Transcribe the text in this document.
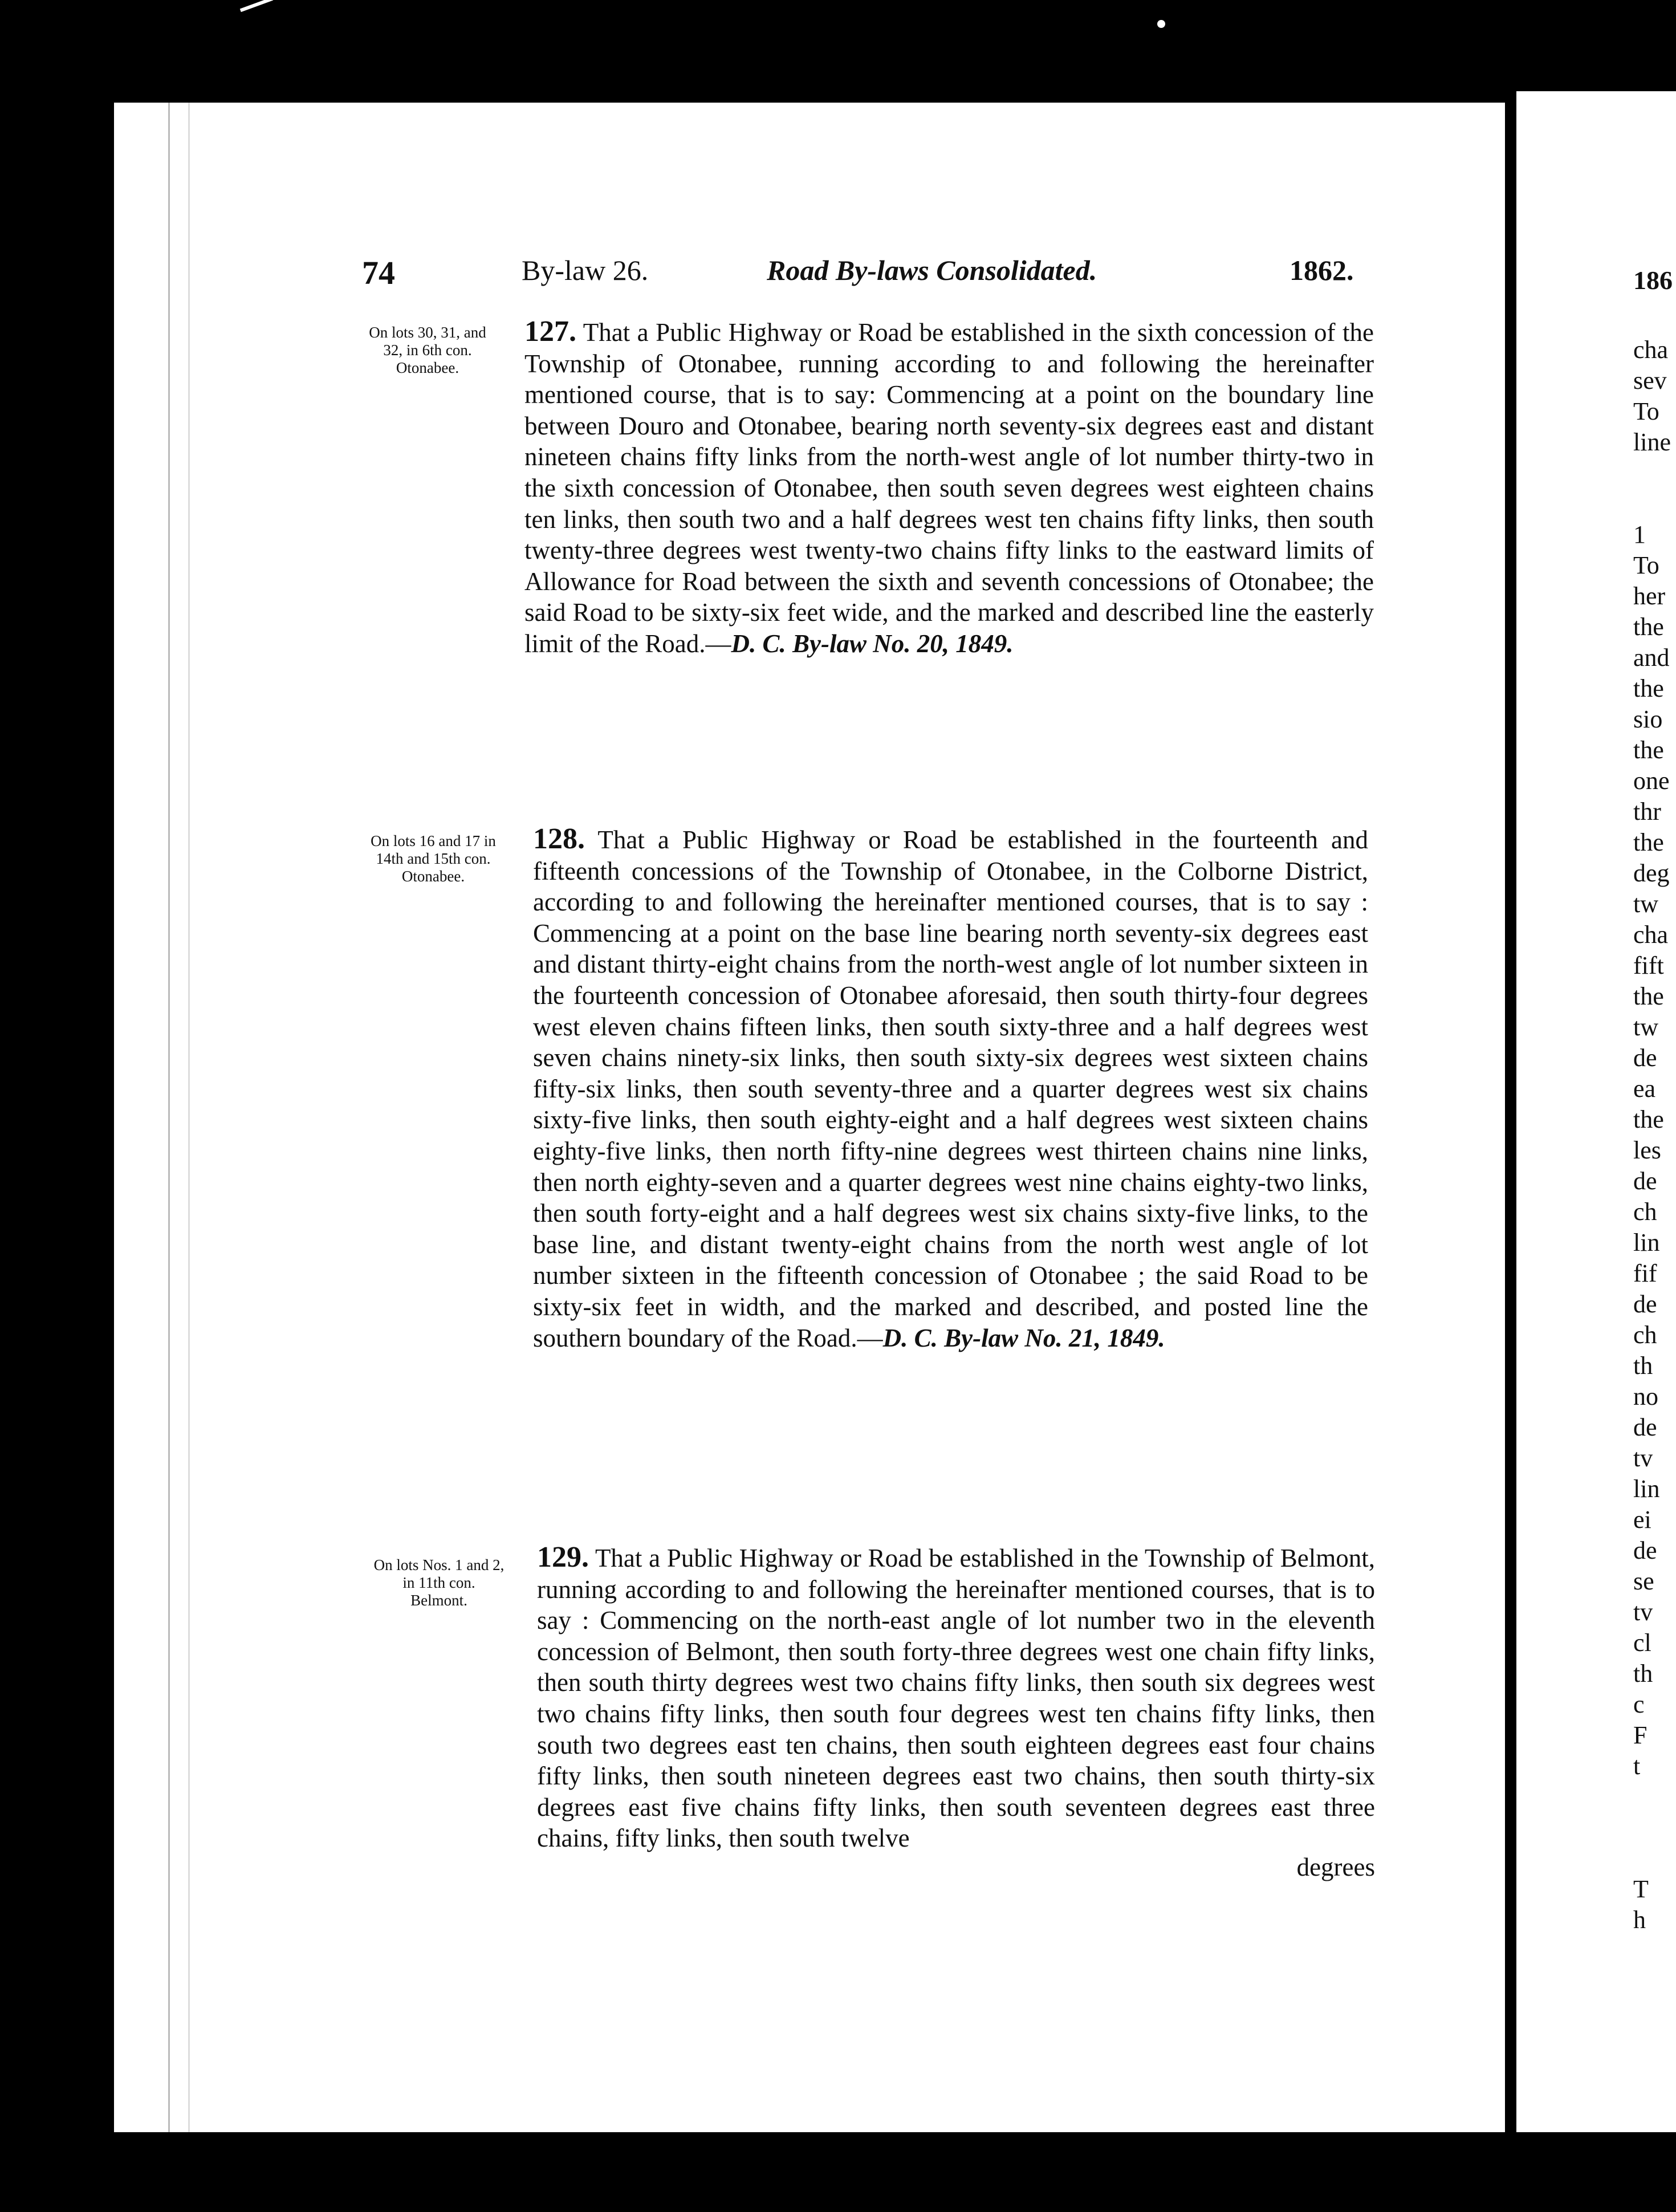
74	By-law 26.	Road By-laws Consolidated.	1862.
On lots 30, 31, and 32, in 6th con. Otonabee.
127. That a Public Highway or Road be established in the sixth concession of the Township of Otonabee, running according to and following the hereinafter mentioned course, that is to say: Commencing at a point on the boundary line between Douro and Otonabee, bearing north seventy-six degrees east and distant nineteen chains fifty links from the north-west angle of lot number thirty-two in the sixth concession of Otonabee, then south seven degrees west eighteen chains ten links, then south two and a half degrees west ten chains fifty links, then south twenty-three degrees west twenty-two chains fifty links to the eastward limits of Allowance for Road between the sixth and seventh concessions of Otonabee; the said Road to be sixty-six feet wide, and the marked and described line the easterly limit of the Road.—D. C. By-law No. 20, 1849.
On lots 16 and 17 in 14th and 15th con. Otonabee.
128. That a Public Highway or Road be established in the fourteenth and fifteenth concessions of the Township of Otonabee, in the Colborne District, according to and following the hereinafter mentioned courses, that is to say : Commencing at a point on the base line bearing north seventy-six degrees east and distant thirty-eight chains from the north-west angle of lot number sixteen in the fourteenth concession of Otonabee aforesaid, then south thirty-four degrees west eleven chains fifteen links, then south sixty-three and a half degrees west seven chains ninety-six links, then south sixty-six degrees west sixteen chains fifty-six links, then south seventy-three and a quarter degrees west six chains sixty-five links, then south eighty-eight and a half degrees west sixteen chains eighty-five links, then north fifty-nine degrees west thirteen chains nine links, then north eighty-seven and a quarter degrees west nine chains eighty-two links, then south forty-eight and a half degrees west six chains sixty-five links, to the base line, and distant twenty-eight chains from the north west angle of lot number sixteen in the fifteenth concession of Otonabee ; the said Road to be sixty-six feet in width, and the marked and described, and posted line the southern boundary of the Road.—D. C. By-law No. 21, 1849.
On lots Nos. 1 and 2, in 11th con. Belmont.
129. That a Public Highway or Road be established in the Township of Belmont, running according to and following the hereinafter mentioned courses, that is to say : Commencing on the north-east angle of lot number two in the eleventh concession of Belmont, then south forty-three degrees west one chain fifty links, then south thirty degrees west two chains fifty links, then south six degrees west two chains fifty links, then south four degrees west ten chains fifty links, then south two degrees east ten chains, then south eighteen degrees east four chains fifty links, then south nineteen degrees east two chains, then south thirty-six degrees east five chains fifty links, then south seventeen degrees east three chains, fifty links, then south twelve
degrees
186
cha
sev
To
line
1
To
her
the
and
the
sio
the
one
thr
the
deg
tw
cha
fift
the
tw
de
ea
the
les
de
ch
lin
fif
de
ch
th
no
de
tv
lin
ei
de
se
tv
cl
th
c
F
t
T
h
